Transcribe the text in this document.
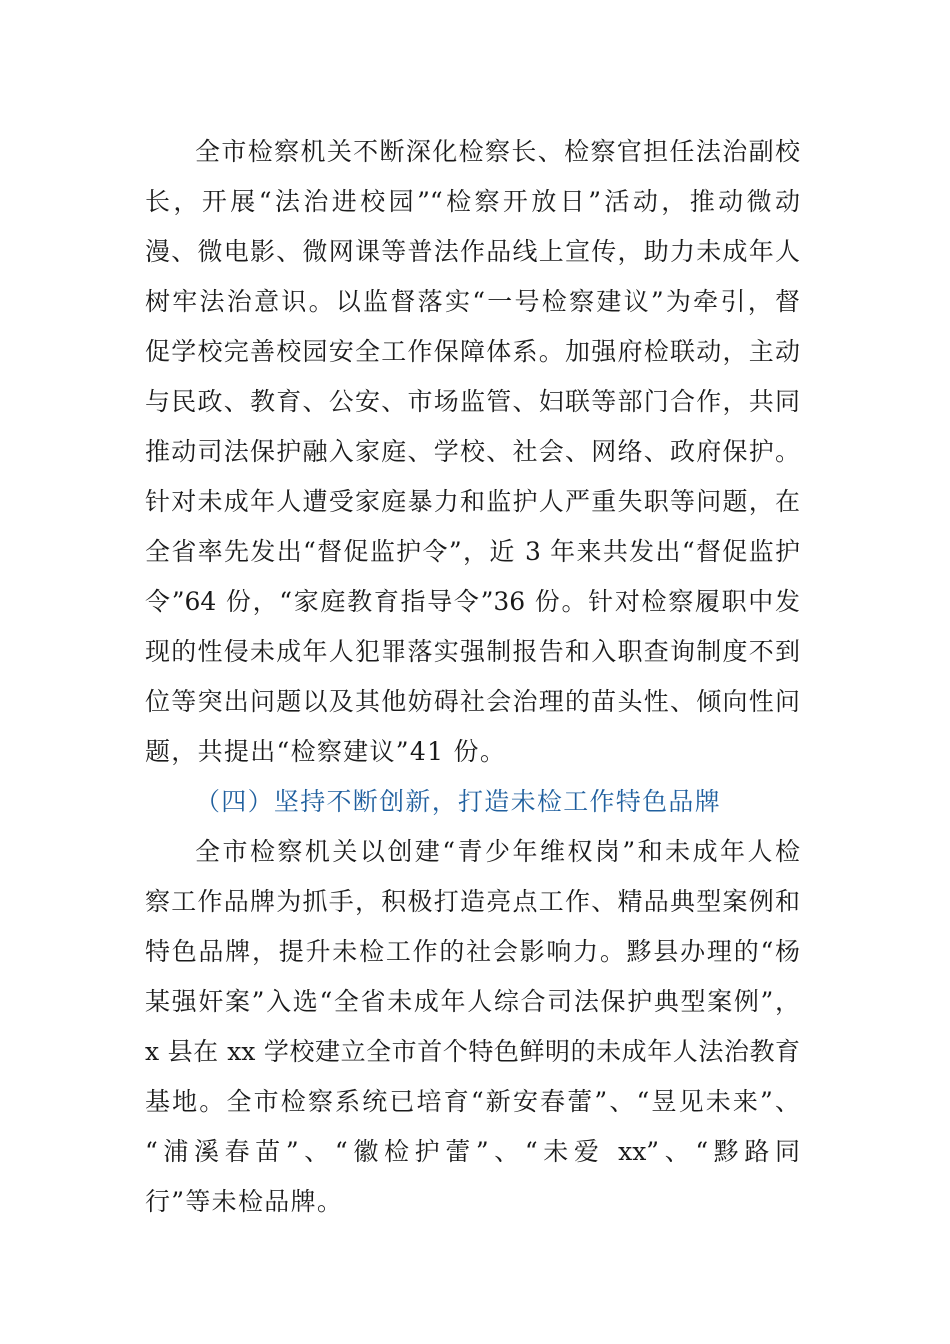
全市检察机关不断深化检察长、检察官担任法治副校
长，开展“法治进校园”“检察开放日”活动，推动微动
漫、微电影、微网课等普法作品线上宣传，助力未成年人
树牢法治意识。以监督落实“一号检察建议”为牵引，督
促学校完善校园安全工作保障体系。加强府检联动，主动
与民政、教育、公安、市场监管、妇联等部门合作，共同
推动司法保护融入家庭、学校、社会、网络、政府保护。
针对未成年人遭受家庭暴力和监护人严重失职等问题，在
全省率先发出“督促监护令”，近 3 年来共发出“督促监护
令”64 份，“家庭教育指导令”36 份。针对检察履职中发
现的性侵未成年人犯罪落实强制报告和入职查询制度不到
位等突出问题以及其他妨碍社会治理的苗头性、倾向性问
题，共提出“检察建议”41 份。
（四）坚持不断创新，打造未检工作特色品牌
全市检察机关以创建“青少年维权岗”和未成年人检
察工作品牌为抓手，积极打造亮点工作、精品典型案例和
特色品牌，提升未检工作的社会影响力。黟县办理的“杨
某强奸案”入选“全省未成年人综合司法保护典型案例”，
x 县在 xx 学校建立全市首个特色鲜明的未成年人法治教育
基地。全市检察系统已培育“新安春蕾”、“昱见未来”、
“浦溪春苗”、“徽检护蕾”、“未爱 xx”、“黟路同
行”等未检品牌。
